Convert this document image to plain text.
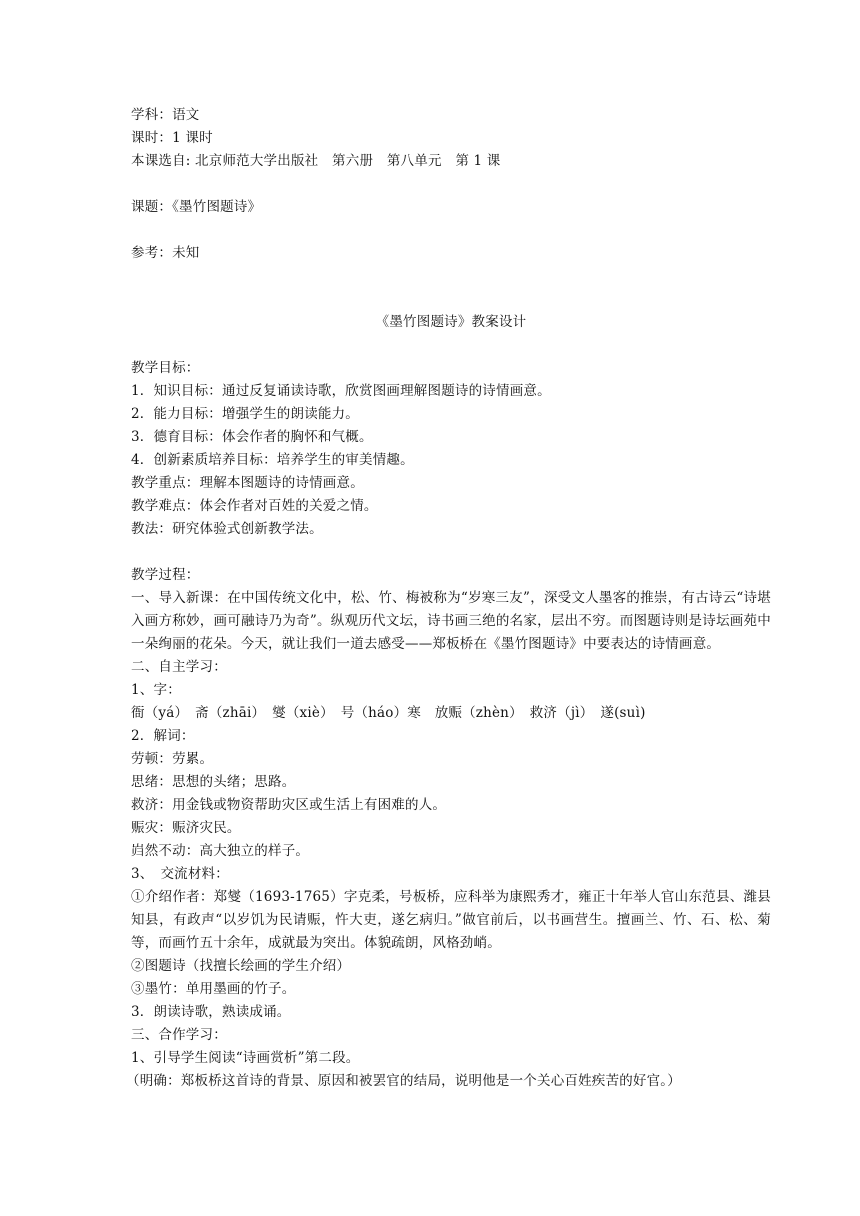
学科：语文
课时：1 课时
本课选自: 北京师范大学出版社　第六册　第八单元　第 1 课
课题：《墨竹图题诗》
参考：未知
《墨竹图题诗》教案设计
教学目标：
1．知识目标：通过反复诵读诗歌，欣赏图画理解图题诗的诗情画意。
2．能力目标：增强学生的朗读能力。
3．德育目标：体会作者的胸怀和气概。
4．创新素质培养目标：培养学生的审美情趣。
教学重点：理解本图题诗的诗情画意。
教学难点：体会作者对百姓的关爱之情。
教法：研究体验式创新教学法。
教学过程：
一、导入新课：在中国传统文化中，松、竹、梅被称为“岁寒三友”，深受文人墨客的推崇，有古诗云“诗堪入画方称妙，画可融诗乃为奇”。纵观历代文坛，诗书画三绝的名家，层出不穷。而图题诗则是诗坛画苑中一朵绚丽的花朵。今天，就让我们一道去感受——郑板桥在《墨竹图题诗》中要表达的诗情画意。
二、自主学习：
1、字：
衙（yá）　斋（zhāi）　燮（xiè）　号（háo）寒　放赈（zhèn）　救济（jì）　遂(suì)
2．解词：
劳顿：劳累。
思绪：思想的头绪；思路。
救济：用金钱或物资帮助灾区或生活上有困难的人。
赈灾：赈济灾民。
岿然不动：高大独立的样子。
3、　交流材料：
①介绍作者：郑燮（1693-1765）字克柔，号板桥，应科举为康熙秀才，雍正十年举人官山东范县、潍县知县，有政声“以岁饥为民请赈，忤大吏，遂乞病归。”做官前后，以书画营生。擅画兰、竹、石、松、菊等，而画竹五十余年，成就最为突出。体貌疏朗，风格劲峭。
②图题诗（找擅长绘画的学生介绍）
③墨竹：单用墨画的竹子。
3．朗读诗歌，熟读成诵。
三、合作学习：
1、引导学生阅读“诗画赏析”第二段。
（明确：郑板桥这首诗的背景、原因和被罢官的结局，说明他是一个关心百姓疾苦的好官。）
